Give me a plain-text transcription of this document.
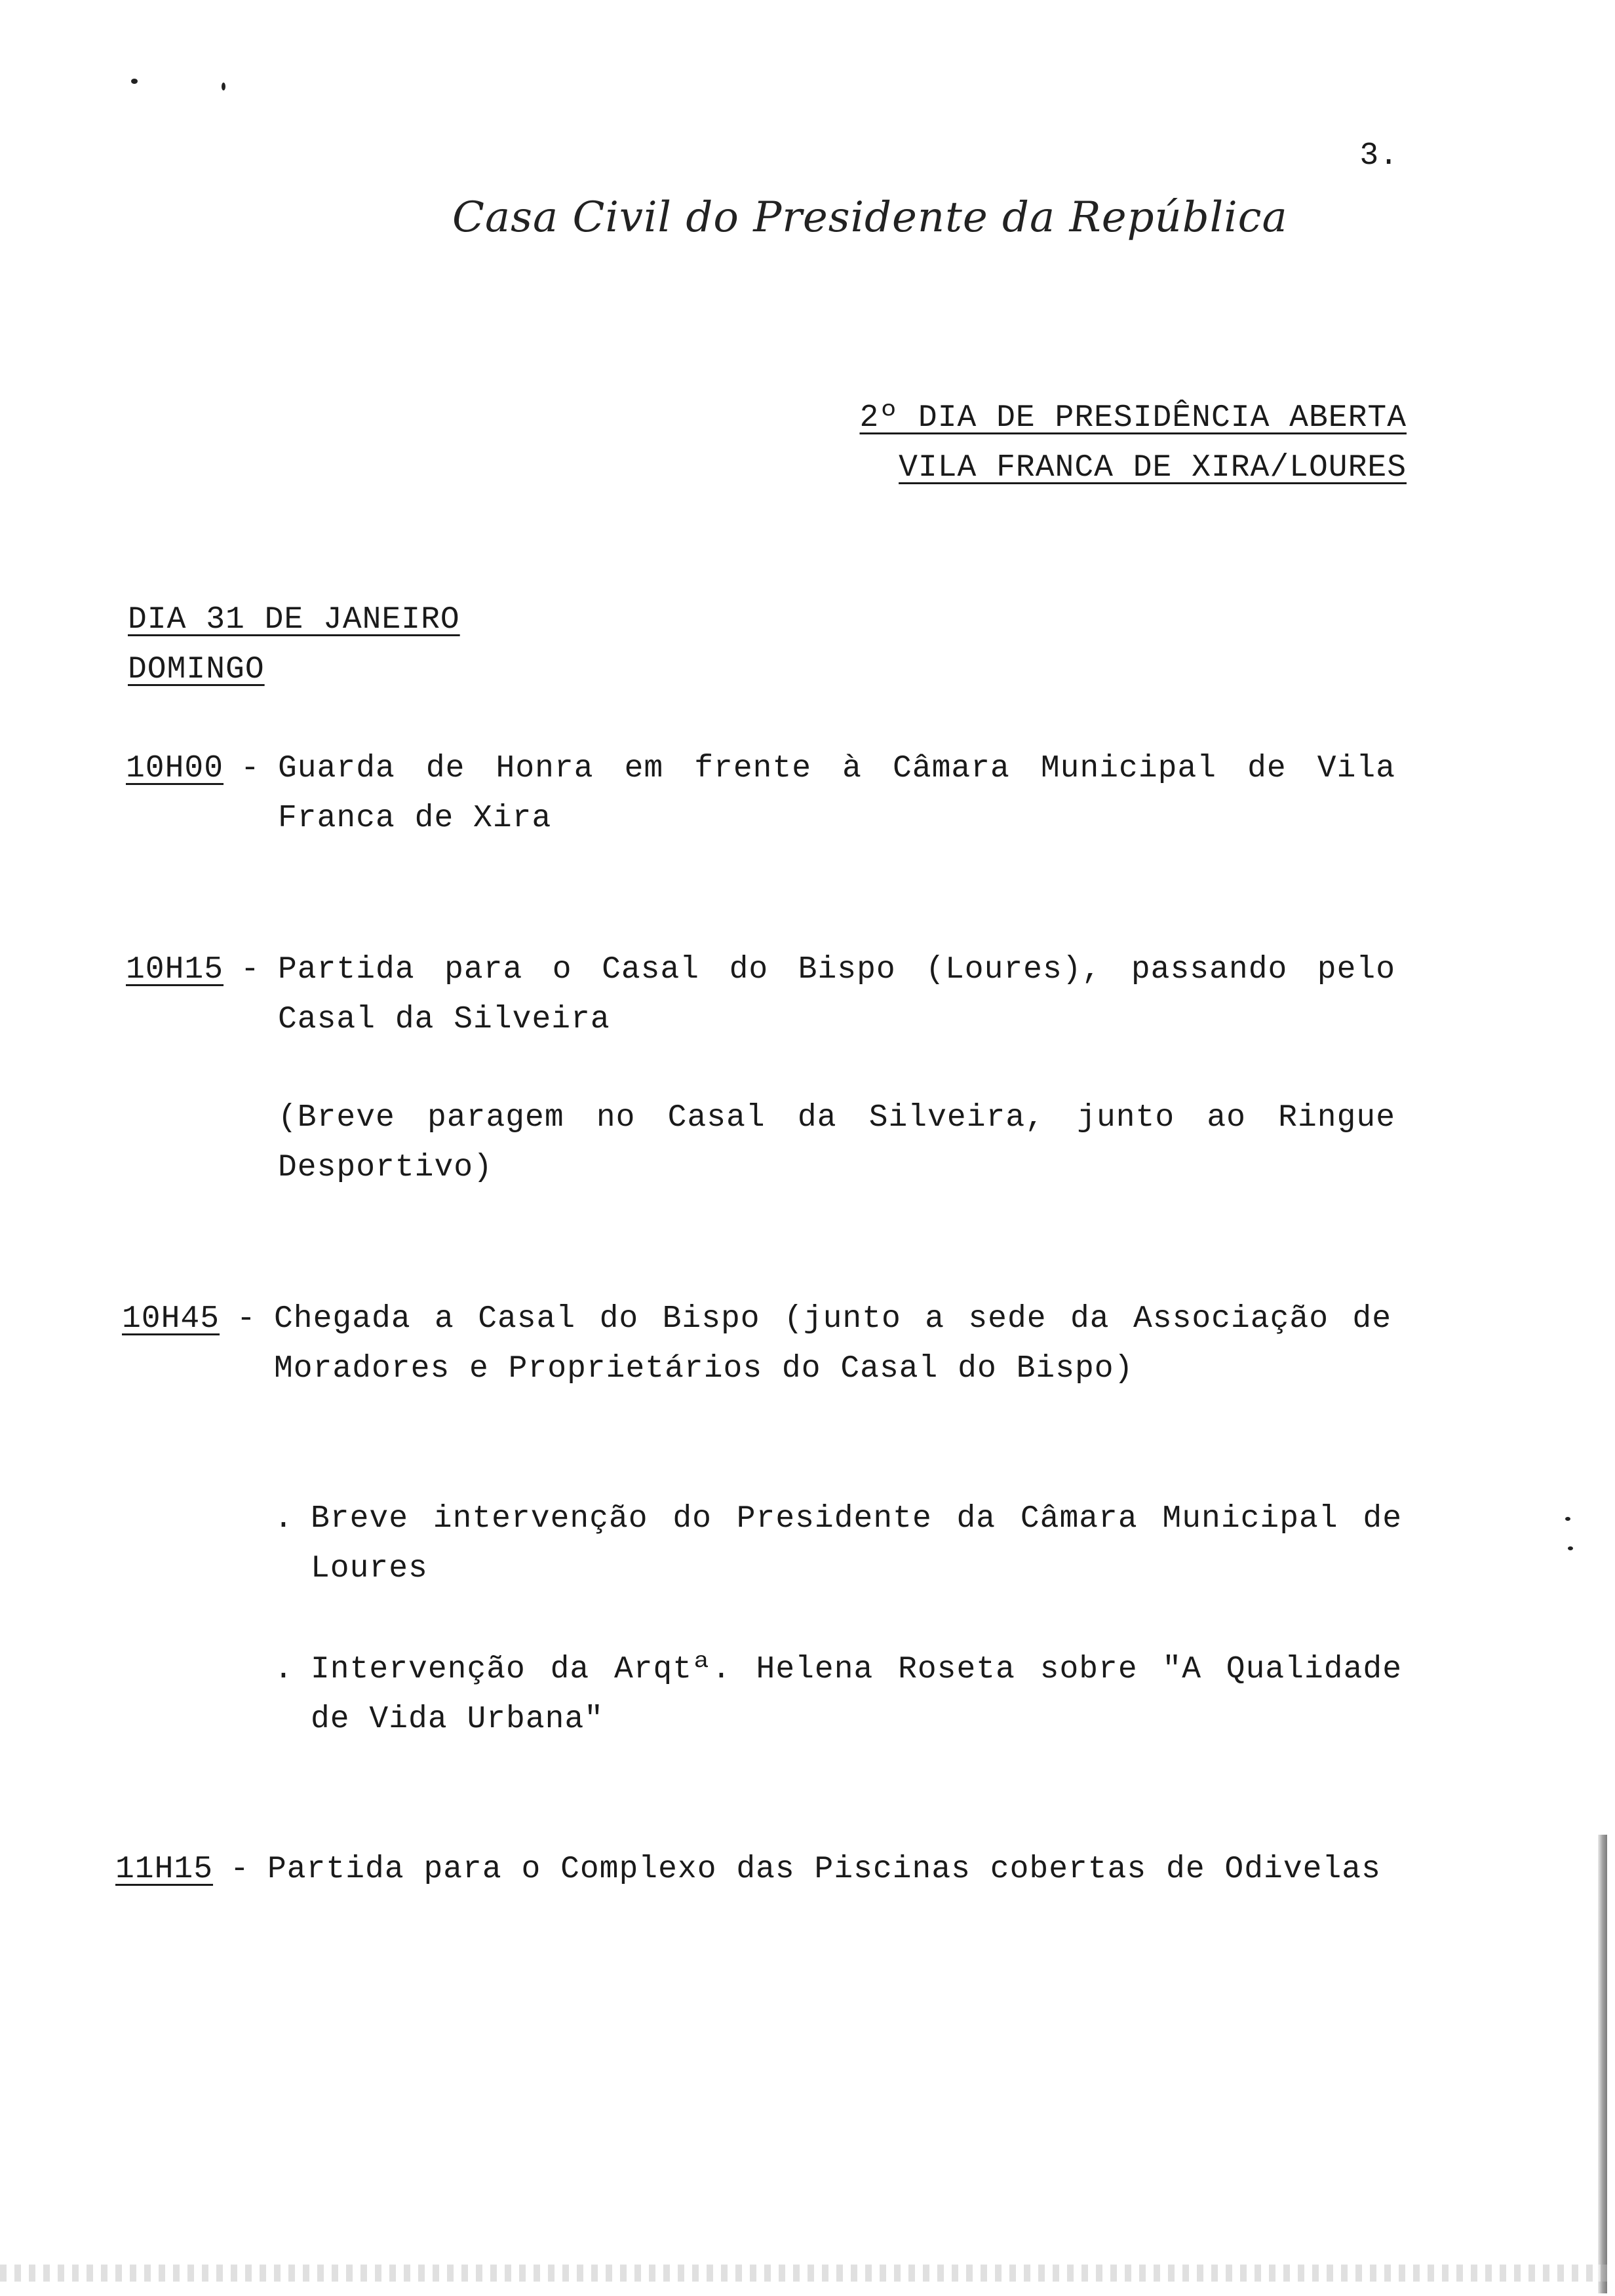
3.
Casa Civil do Presidente da República
2º DIA DE PRESIDÊNCIA ABERTA
VILA FRANCA DE XIRA/LOURES
DIA 31 DE JANEIRO
DOMINGO
10H00 - Guarda de Honra em frente à Câmara Municipal de Vila Franca de Xira
10H15 - Partida para o Casal do Bispo (Loures), passando pelo Casal da Silveira
(Breve paragem no Casal da Silveira, junto ao Ringue Desportivo)
10H45 - Chegada a Casal do Bispo (junto a sede da Associação de Moradores e Proprietários do Casal do Bispo)
. Breve intervenção do Presidente da Câmara Municipal de Loures
. Intervenção da Arqtª. Helena Roseta sobre "A Qualidade de Vida Urbana"
11H15 - Partida para o Complexo das Piscinas cobertas de Odivelas
